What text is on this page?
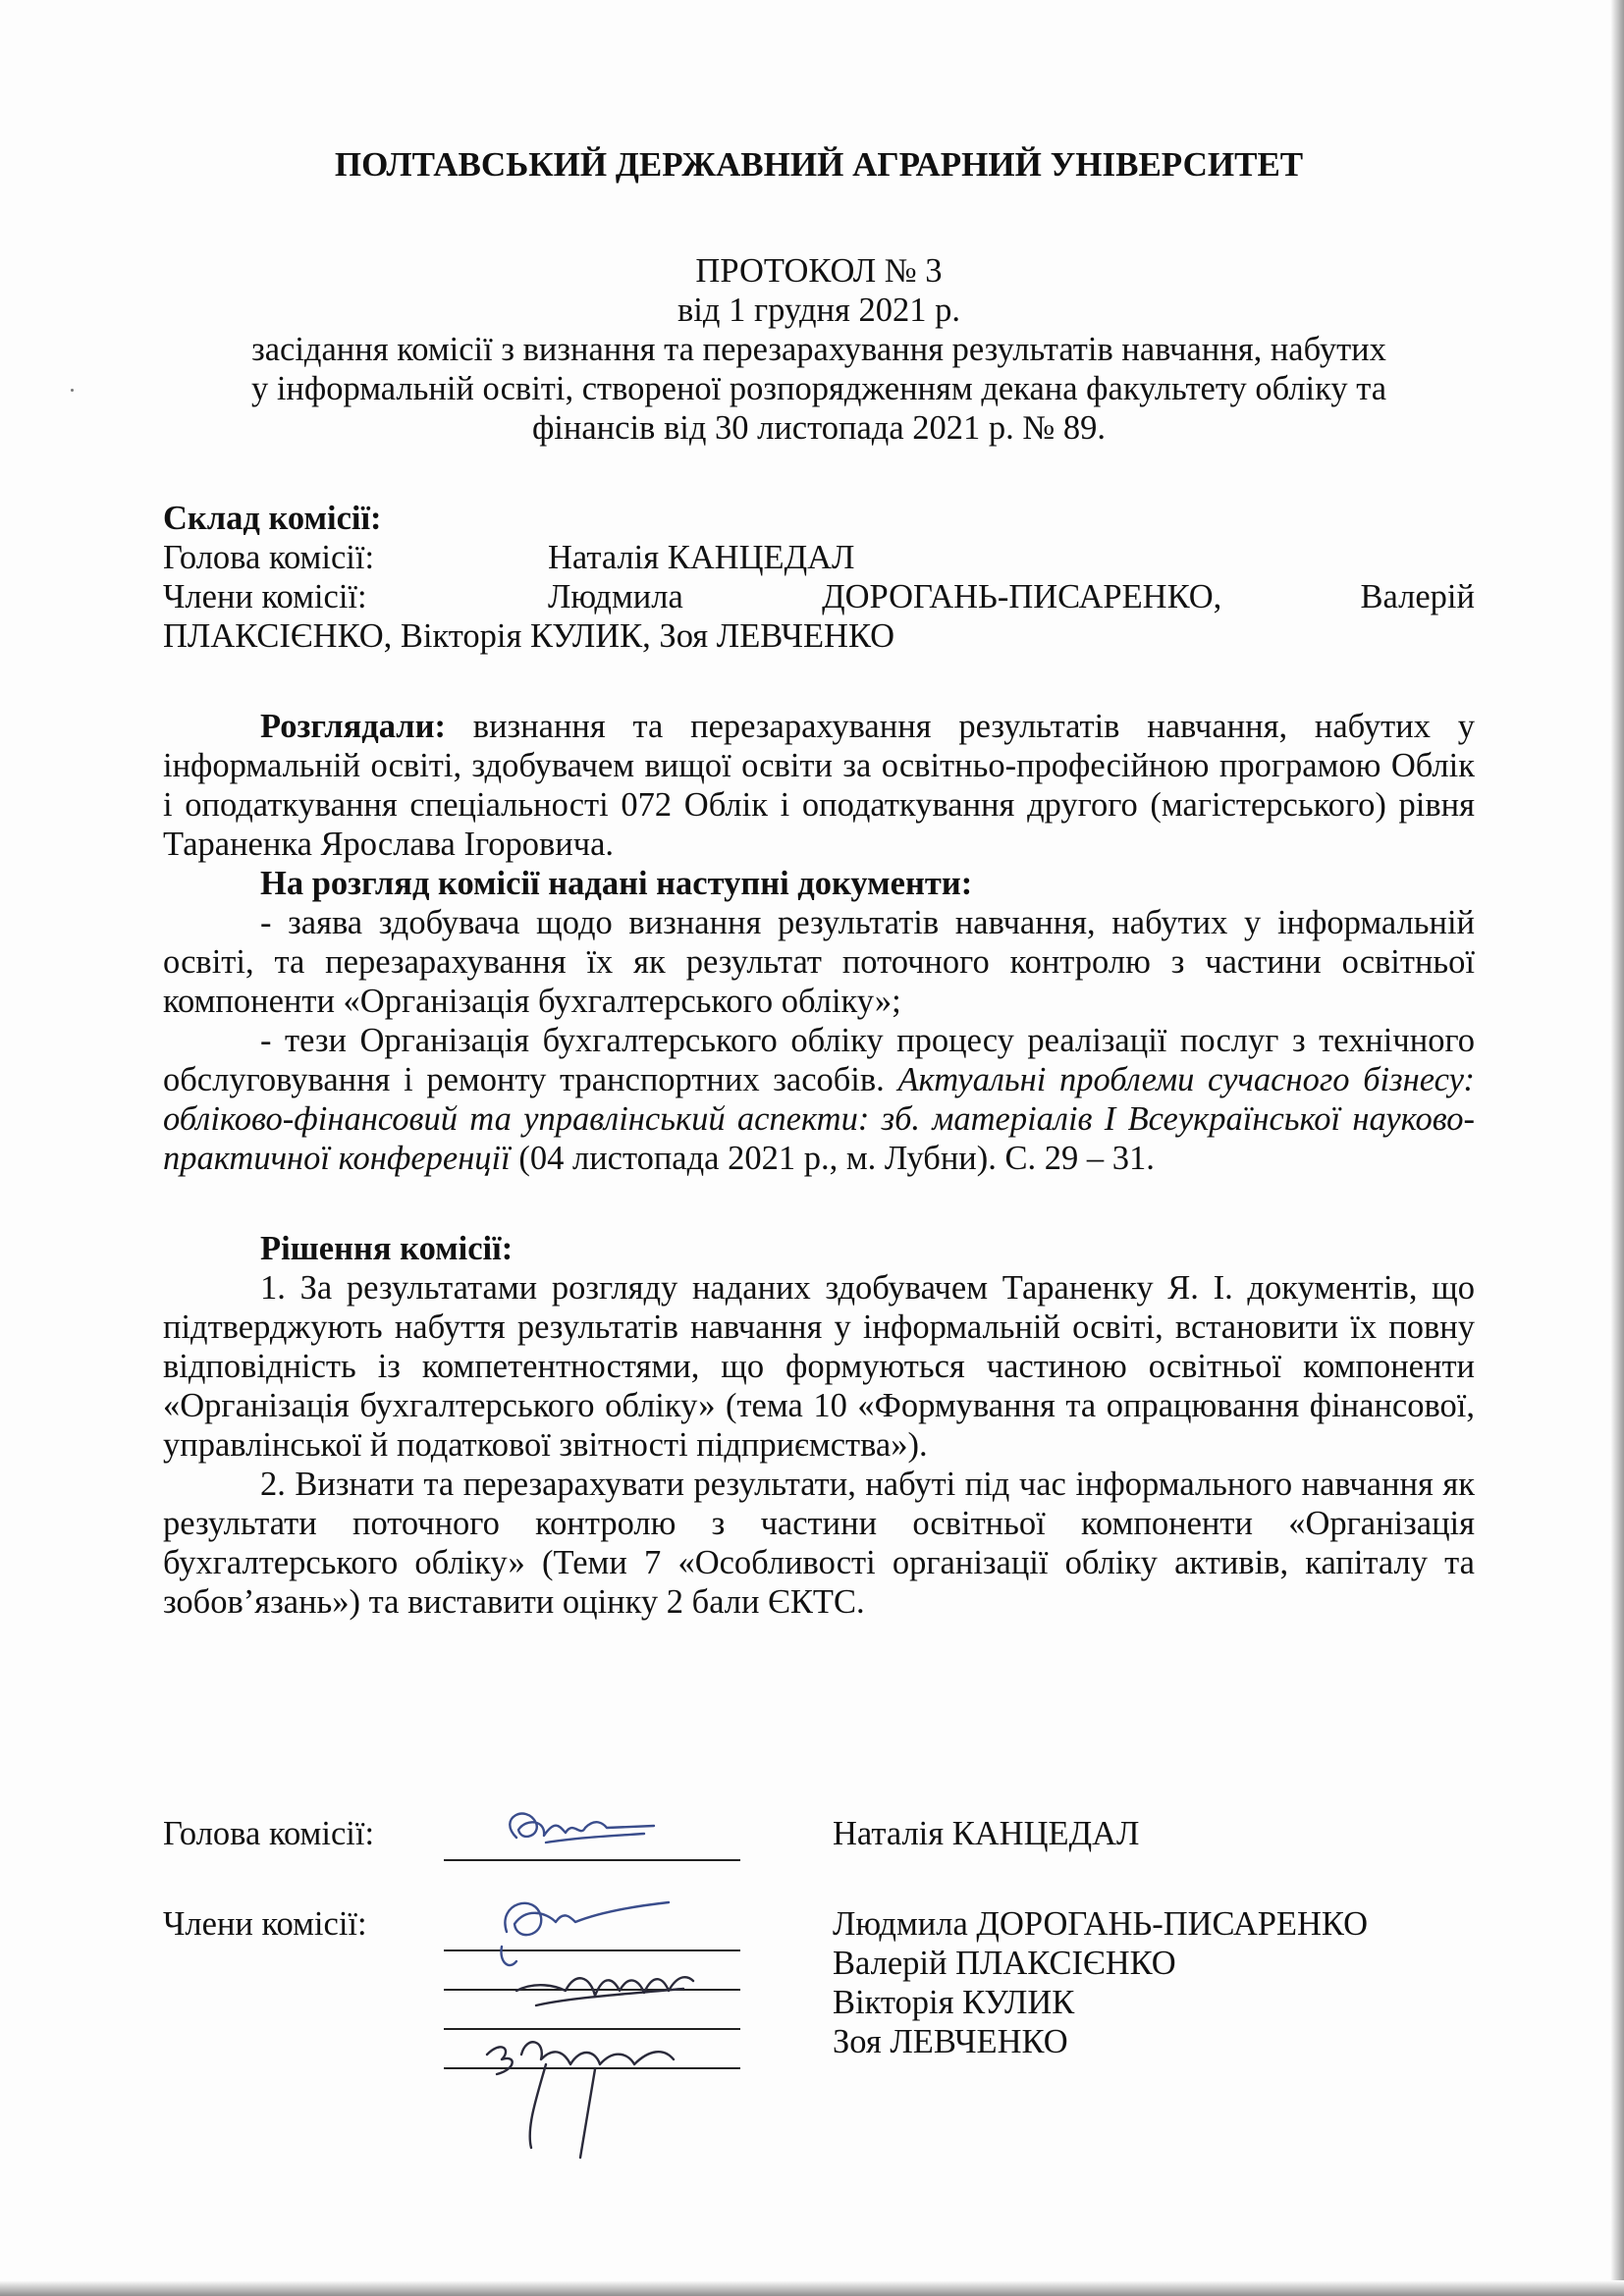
ПОЛТАВСЬКИЙ ДЕРЖАВНИЙ АГРАРНИЙ УНІВЕРСИТЕТ

ПРОТОКОЛ № 3

від 1 грудня 2021 р.

засідання комісії з визнання та перезарахування результатів навчання, набутих

у інформальній освіті, створеної розпорядженням декана факультету обліку та

фінансів від 30 листопада 2021 р. № 89.

Склад комісії:

Голова комісії:	Наталія КАНЦЕДАЛ
Члени комісії:	Людмила	ДОРОГАНЬ-ПИСАРЕНКО,	Валерій

ПЛАКСІЄНКО, Вікторія КУЛИК, Зоя ЛЕВЧЕНКО

Розглядали: визнання та перезарахування результатів навчання, набутих у інформальній освіті, здобувачем вищої освіти за освітньо-професійною програмою Облік і оподаткування спеціальності 072 Облік і оподаткування другого (магістерського) рівня Тараненка Ярослава Ігоровича.

На розгляд комісії надані наступні документи:

- заява здобувача щодо визнання результатів навчання, набутих у інформальній освіті, та перезарахування їх як результат поточного контролю з частини освітньої компоненти «Організація бухгалтерського обліку»;

- тези Організація бухгалтерського обліку процесу реалізації послуг з технічного обслуговування і ремонту транспортних засобів. Актуальні проблеми сучасного бізнесу: обліково-фінансовий та управлінський аспекти: зб. матеріалів I Всеукраїнської науково-практичної конференції (04 листопада 2021 р., м. Лубни). С. 29 – 31.

Рішення комісії:

1. За результатами розгляду наданих здобувачем Тараненку Я. І. документів, що підтверджують набуття результатів навчання у інформальній освіті, встановити їх повну відповідність із компетентностями, що формуються частиною освітньої компоненти «Організація бухгалтерського обліку» (тема 10 «Формування та опрацювання фінансової, управлінської й податкової звітності підприємства»).

2. Визнати та перезарахувати результати, набуті під час інформального навчання як результати поточного контролю з частини освітньої компоненти «Організація бухгалтерського обліку» (Теми 7 «Особливості організації обліку активів, капіталу та зобов’язань») та виставити оцінку 2 бали ЄКТС.

Голова комісії:	Наталія КАНЦЕДАЛ
Члени комісії:	Людмила ДОРОГАНЬ-ПИСАРЕНКО
Валерій ПЛАКСІЄНКО
Вікторія КУЛИК
Зоя ЛЕВЧЕНКО
